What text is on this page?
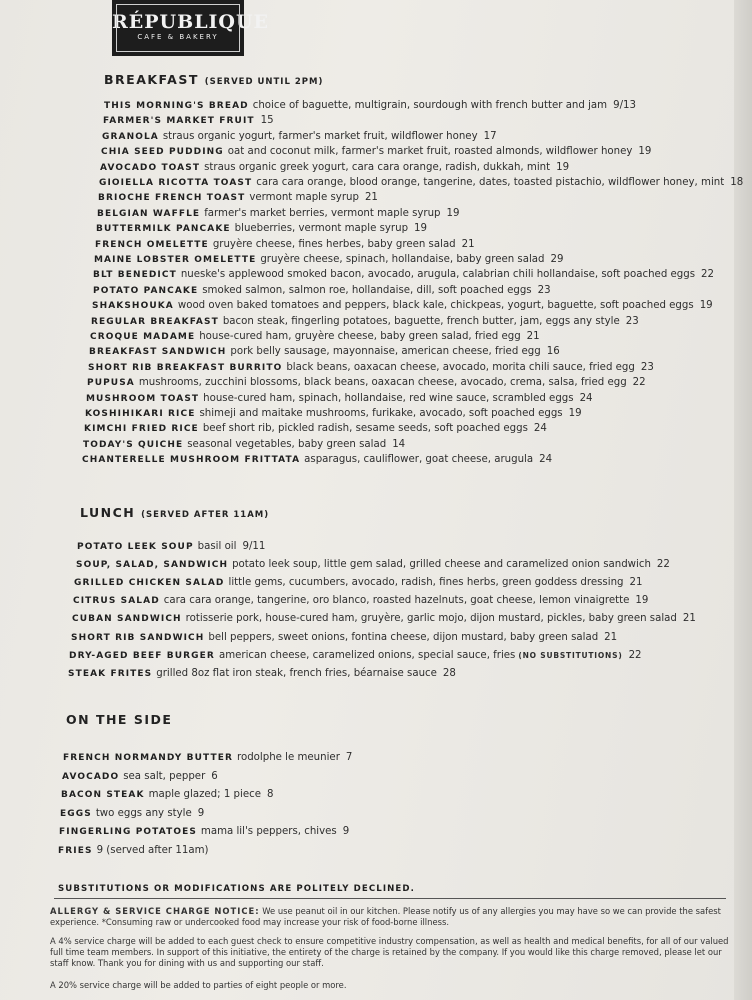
RÉPUBLIQUE
CAFE & BAKERY
BREAKFAST (SERVED UNTIL 2PM)
THIS MORNING'S BREAD choice of baguette, multigrain, sourdough with french butter and jam 9/13
FARMER'S MARKET FRUIT 15
GRANOLA straus organic yogurt, farmer's market fruit, wildflower honey 17
CHIA SEED PUDDING oat and coconut milk, farmer's market fruit, roasted almonds, wildflower honey 19
AVOCADO TOAST straus organic greek yogurt, cara cara orange, radish, dukkah, mint 19
GIOIELLA RICOTTA TOAST cara cara orange, blood orange, tangerine, dates, toasted pistachio, wildflower honey, mint 18
BRIOCHE FRENCH TOAST vermont maple syrup 21
BELGIAN WAFFLE farmer's market berries, vermont maple syrup 19
BUTTERMILK PANCAKE blueberries, vermont maple syrup 19
FRENCH OMELETTE gruyère cheese, fines herbes, baby green salad 21
MAINE LOBSTER OMELETTE gruyère cheese, spinach, hollandaise, baby green salad 29
BLT BENEDICT nueske's applewood smoked bacon, avocado, arugula, calabrian chili hollandaise, soft poached eggs 22
POTATO PANCAKE smoked salmon, salmon roe, hollandaise, dill, soft poached eggs 23
SHAKSHOUKA wood oven baked tomatoes and peppers, black kale, chickpeas, yogurt, baguette, soft poached eggs 19
REGULAR BREAKFAST bacon steak, fingerling potatoes, baguette, french butter, jam, eggs any style 23
CROQUE MADAME house-cured ham, gruyère cheese, baby green salad, fried egg 21
BREAKFAST SANDWICH pork belly sausage, mayonnaise, american cheese, fried egg 16
SHORT RIB BREAKFAST BURRITO black beans, oaxacan cheese, avocado, morita chili sauce, fried egg 23
PUPUSA mushrooms, zucchini blossoms, black beans, oaxacan cheese, avocado, crema, salsa, fried egg 22
MUSHROOM TOAST house-cured ham, spinach, hollandaise, red wine sauce, scrambled eggs 24
KOSHIHIKARI RICE shimeji and maitake mushrooms, furikake, avocado, soft poached eggs 19
KIMCHI FRIED RICE beef short rib, pickled radish, sesame seeds, soft poached eggs 24
TODAY'S QUICHE seasonal vegetables, baby green salad 14
CHANTERELLE MUSHROOM FRITTATA asparagus, cauliflower, goat cheese, arugula 24
LUNCH (SERVED AFTER 11AM)
POTATO LEEK SOUP basil oil 9/11
SOUP, SALAD, SANDWICH potato leek soup, little gem salad, grilled cheese and caramelized onion sandwich 22
GRILLED CHICKEN SALAD little gems, cucumbers, avocado, radish, fines herbs, green goddess dressing 21
CITRUS SALAD cara cara orange, tangerine, oro blanco, roasted hazelnuts, goat cheese, lemon vinaigrette 19
CUBAN SANDWICH rotisserie pork, house-cured ham, gruyère, garlic mojo, dijon mustard, pickles, baby green salad 21
SHORT RIB SANDWICH bell peppers, sweet onions, fontina cheese, dijon mustard, baby green salad 21
DRY-AGED BEEF BURGER american cheese, caramelized onions, special sauce, fries (NO SUBSTITUTIONS) 22
STEAK FRITES grilled 8oz flat iron steak, french fries, béarnaise sauce 28
ON THE SIDE
FRENCH NORMANDY BUTTER rodolphe le meunier 7
AVOCADO sea salt, pepper 6
BACON STEAK maple glazed; 1 piece 8
EGGS two eggs any style 9
FINGERLING POTATOES mama lil's peppers, chives 9
FRIES 9 (served after 11am)
SUBSTITUTIONS OR MODIFICATIONS ARE POLITELY DECLINED.
ALLERGY & SERVICE CHARGE NOTICE: We use peanut oil in our kitchen. Please notify us of any allergies you may have so we can provide the safest experience. *Consuming raw or undercooked food may increase your risk of food-borne illness.
A 4% service charge will be added to each guest check to ensure competitive industry compensation, as well as health and medical benefits, for all of our valued full time team members. In support of this initiative, the entirety of the charge is retained by the company. If you would like this charge removed, please let our staff know. Thank you for dining with us and supporting our staff.
A 20% service charge will be added to parties of eight people or more.
